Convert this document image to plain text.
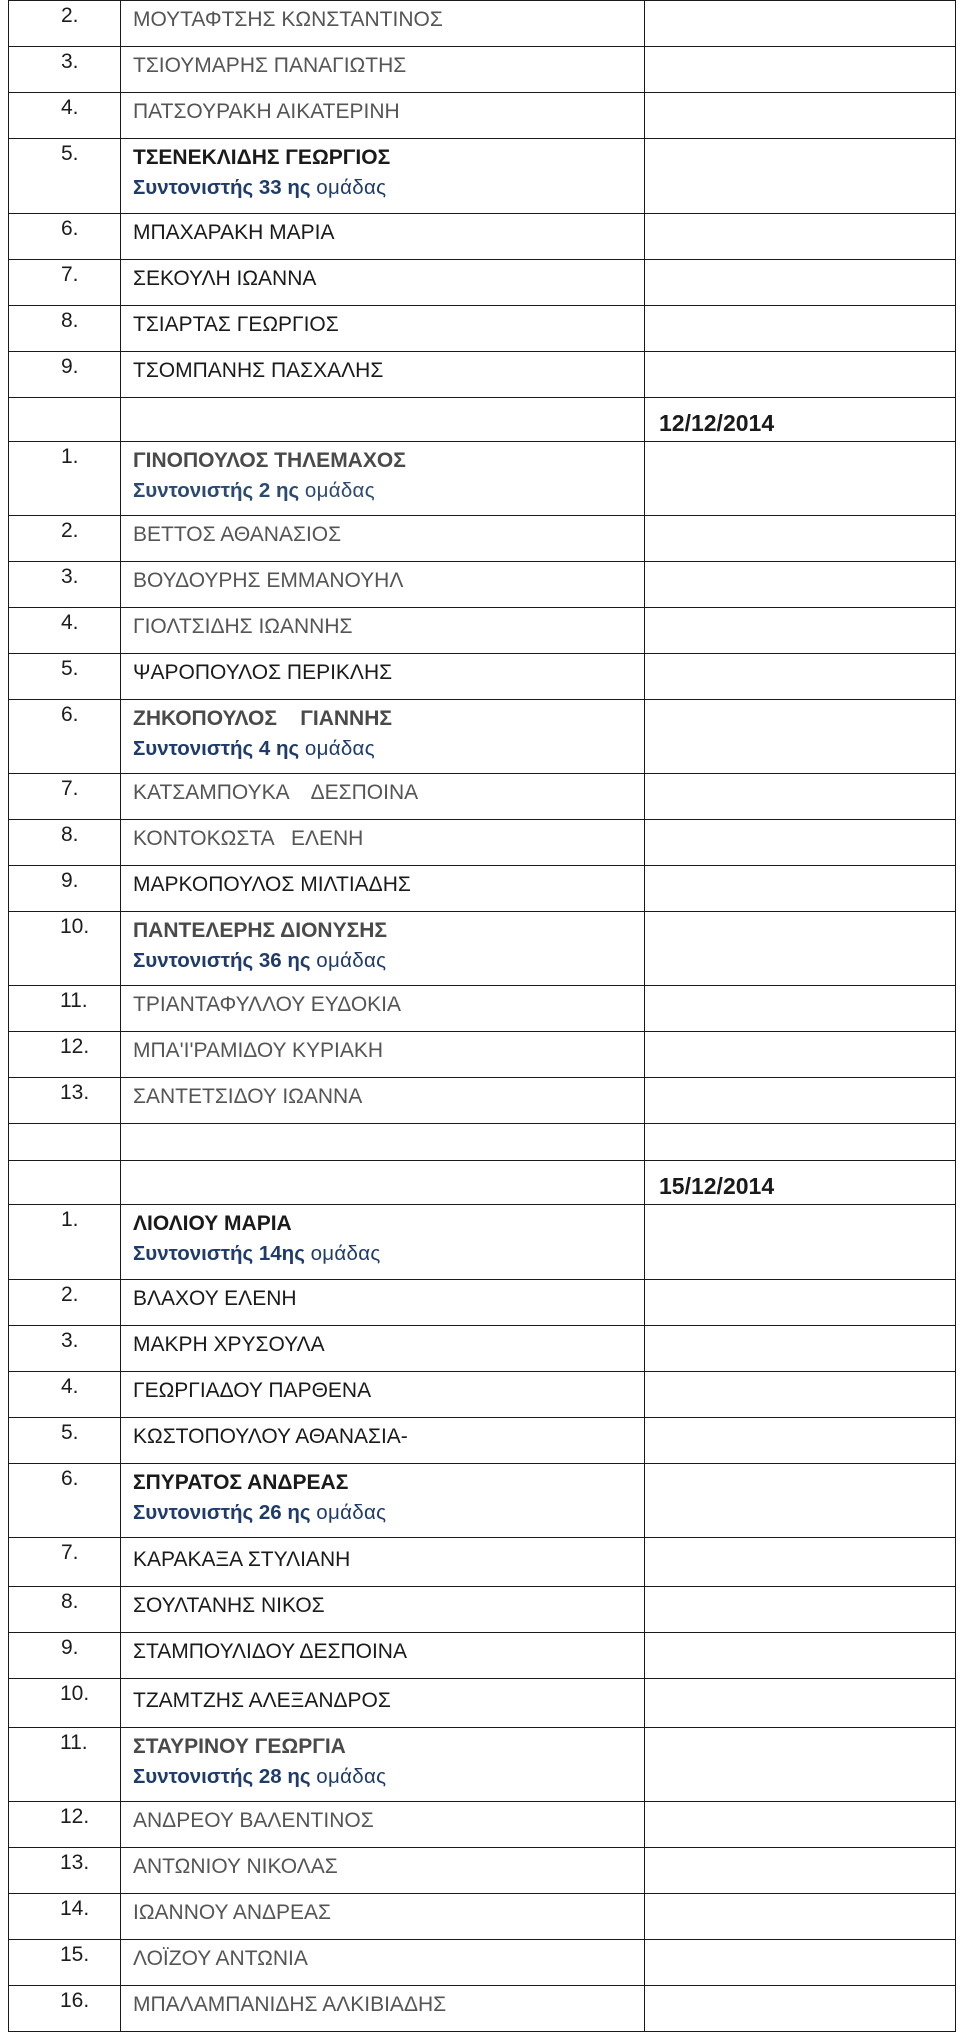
2.	ΜΟΥΤΑΦΤΣΗΣ ΚΩΝΣΤΑΝΤΙΝΟΣ	
3.	ΤΣΙΟΥΜΑΡΗΣ ΠΑΝΑΓΙΩΤΗΣ	
4.	ΠΑΤΣΟΥΡΑΚΗ ΑΙΚΑΤΕΡΙΝΗ	
5.	ΤΣΕΝΕΚΛΙΔΗΣ ΓΕΩΡΓΙΟΣ
Συντονιστής 33 ης ομάδας	

6.	ΜΠΑΧΑΡΑΚΗ ΜΑΡΙΑ	
7.	ΣΕΚΟΥΛΗ ΙΩΑΝΝΑ	
8.	ΤΣΙΑΡΤΑΣ ΓΕΩΡΓΙΟΣ	
9.	ΤΣΟΜΠΑΝΗΣ ΠΑΣΧΑΛΗΣ	
		12/12/2014
1.	ΓΙΝΟΠΟΥΛΟΣ ΤΗΛΕΜΑΧΟΣ
Συντονιστής 2 ης ομάδας	

2.	ΒΕΤΤΟΣ ΑΘΑΝΑΣΙΟΣ	
3.	ΒΟΥΔΟΥΡΗΣ ΕΜΜΑΝΟΥΗΛ	
4.	ΓΙΟΛΤΣΙΔΗΣ ΙΩΑΝΝΗΣ	
5.	ΨΑΡΟΠΟΥΛΟΣ ΠΕΡΙΚΛΗΣ	
6.	ΖΗΚΟΠΟΥΛΟΣ    ΓΙΑΝΝΗΣ
Συντονιστής 4 ης ομάδας	

7.	ΚΑΤΣΑΜΠΟΥΚΑ    ΔΕΣΠΟΙΝΑ	
8.	ΚΟΝΤΟΚΩΣΤΑ   ΕΛΕΝΗ	
9.	ΜΑΡΚΟΠΟΥΛΟΣ ΜΙΛΤΙΑΔΗΣ	
10.	ΠΑΝΤΕΛΕΡΗΣ ΔΙΟΝΥΣΗΣ
Συντονιστής 36 ης ομάδας	

11.	ΤΡΙΑΝΤΑΦΥΛΛΟΥ ΕΥΔΟΚΙΑ	
12.	ΜΠΑ'Ι'ΡΑΜΙΔΟΥ ΚΥΡΙΑΚΗ	
13.	ΣΑΝΤΕΤΣΙΔΟΥ ΙΩΑΝΝΑ	

		15/12/2014
1.	ΛΙΟΛΙΟΥ ΜΑΡΙΑ
Συντονιστής 14ης ομάδας	

2.	ΒΛΑΧΟΥ ΕΛΕΝΗ	
3.	ΜΑΚΡΗ ΧΡΥΣΟΥΛΑ	
4.	ΓΕΩΡΓΙΑΔΟΥ ΠΑΡΘΕΝΑ	
5.	ΚΩΣΤΟΠΟΥΛΟΥ ΑΘΑΝΑΣΙΑ-	
6.	ΣΠΥΡΑΤΟΣ ΑΝΔΡΕΑΣ
Συντονιστής 26 ης ομάδας	

7.	ΚΑΡΑΚΑΞΑ ΣΤΥΛΙΑΝΗ	
8.	ΣΟΥΛΤΑΝΗΣ ΝΙΚΟΣ	
9.	ΣΤΑΜΠΟΥΛΙΔΟΥ ΔΕΣΠΟΙΝΑ	
10.	ΤΖΑΜΤΖΗΣ ΑΛΕΞΑΝΔΡΟΣ	
11.	ΣΤΑΥΡΙΝΟΥ ΓΕΩΡΓΙΑ
Συντονιστής 28 ης ομάδας	

12.	ΑΝΔΡΕΟΥ ΒΑΛΕΝΤΙΝΟΣ	
13.	ΑΝΤΩΝΙΟΥ ΝΙΚΟΛΑΣ	
14.	ΙΩΑΝΝΟΥ ΑΝΔΡΕΑΣ	
15.	ΛΟΪΖΟΥ ΑΝΤΩΝΙΑ	
16.	ΜΠΑΛΑΜΠΑΝΙΔΗΣ ΑΛΚΙΒΙΑΔΗΣ	
